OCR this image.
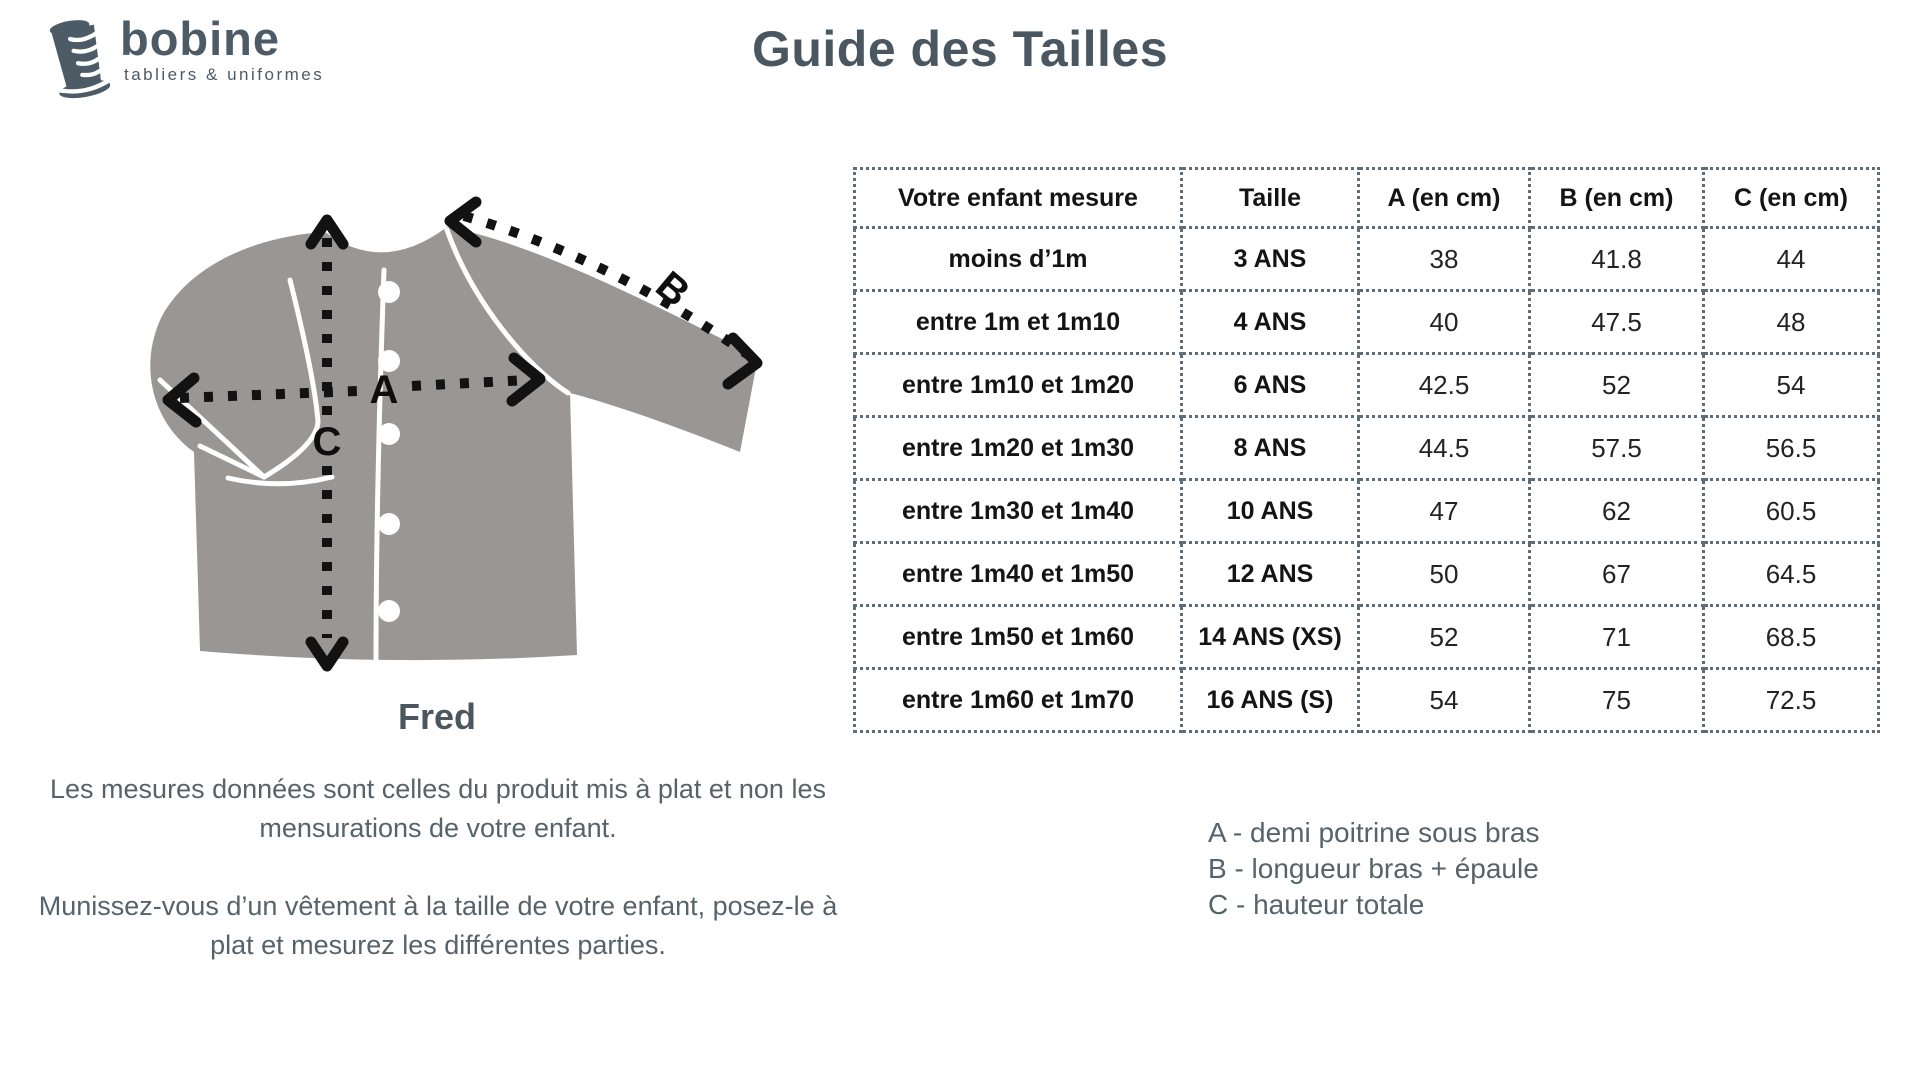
bobine
tabliers & uniformes	Guide des Tailles
A
B
C
Fred
Votre enfant mesure	Taille	A (en cm)	B (en cm)	C (en cm)
moins d’1m	3 ANS	38	41.8	44
entre 1m et 1m10	4 ANS	40	47.5	48
entre 1m10 et 1m20	6 ANS	42.5	52	54
entre 1m20 et 1m30	8 ANS	44.5	57.5	56.5
entre 1m30 et 1m40	10 ANS	47	62	60.5
entre 1m40 et 1m50	12 ANS	50	67	64.5
entre 1m50 et 1m60	14 ANS (XS)	52	71	68.5
entre 1m60 et 1m70	16 ANS (S)	54	75	72.5

Les mesures données sont celles du produit mis à plat et non les mensurations de votre enfant.

Munissez-vous d’un vêtement à la taille de votre enfant, posez-le à plat et mesurez les différentes parties.

A - demi poitrine sous bras
B - longueur bras + épaule
C - hauteur totale
